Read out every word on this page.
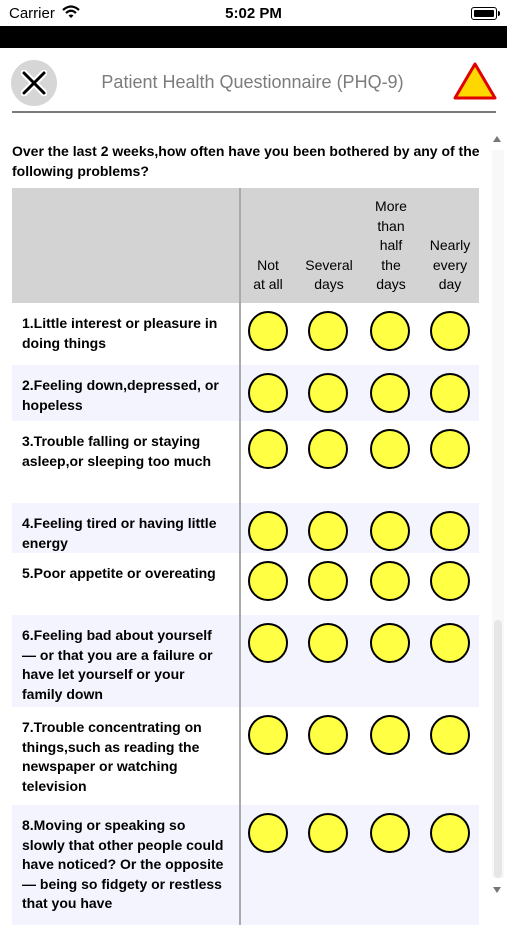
Carrier	5:02 PM
Patient Health Questionnaire (PHQ-9)
Over the last 2 weeks,how often have you been bothered by any of the following problems?
Not at all
Several days
More than half the days
Nearly every day
1.Little interest or pleasure in doing things
2.Feeling down,depressed, or hopeless
3.Trouble falling or staying asleep,or sleeping too much
4.Feeling tired or having little energy
5.Poor appetite or overeating
6.Feeling bad about yourself — or that you are a failure or have let yourself or your family down
7.Trouble concentrating on things,such as reading the newspaper or watching television
8.Moving or speaking so slowly that other people could have noticed? Or the opposite — being so fidgety or restless that you have
